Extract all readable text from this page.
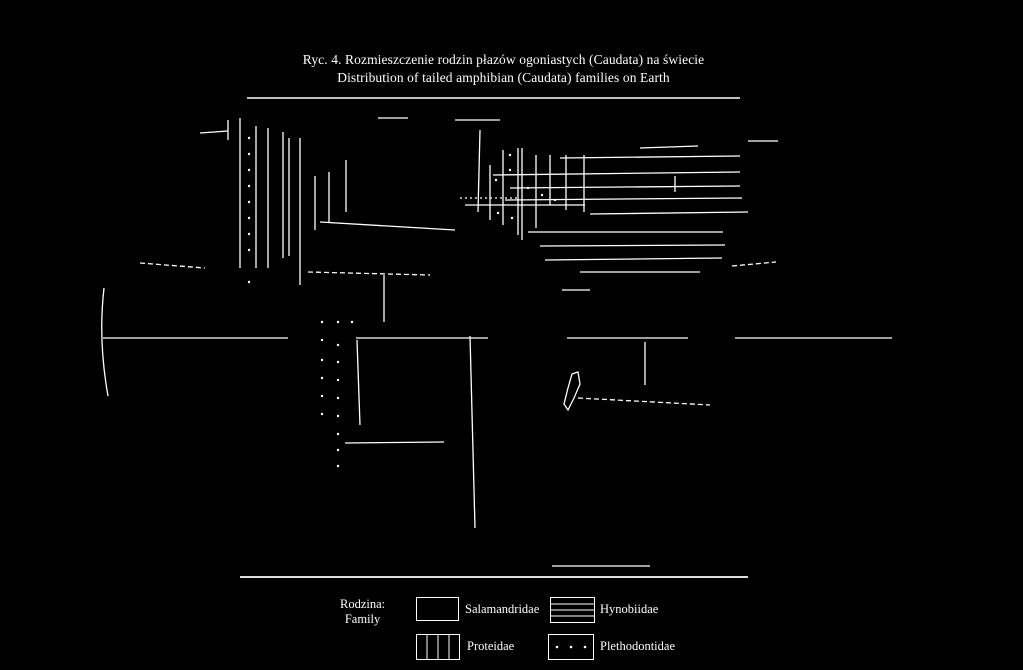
Ryc. 4. Rozmieszczenie rodzin płazów ogoniastych (Caudata) na świecie
Distribution of tailed amphibian (Caudata) families on Earth
Rodzina:
Family
Salamandridae	Hynobiidae
Proteidae	Plethodontidae
